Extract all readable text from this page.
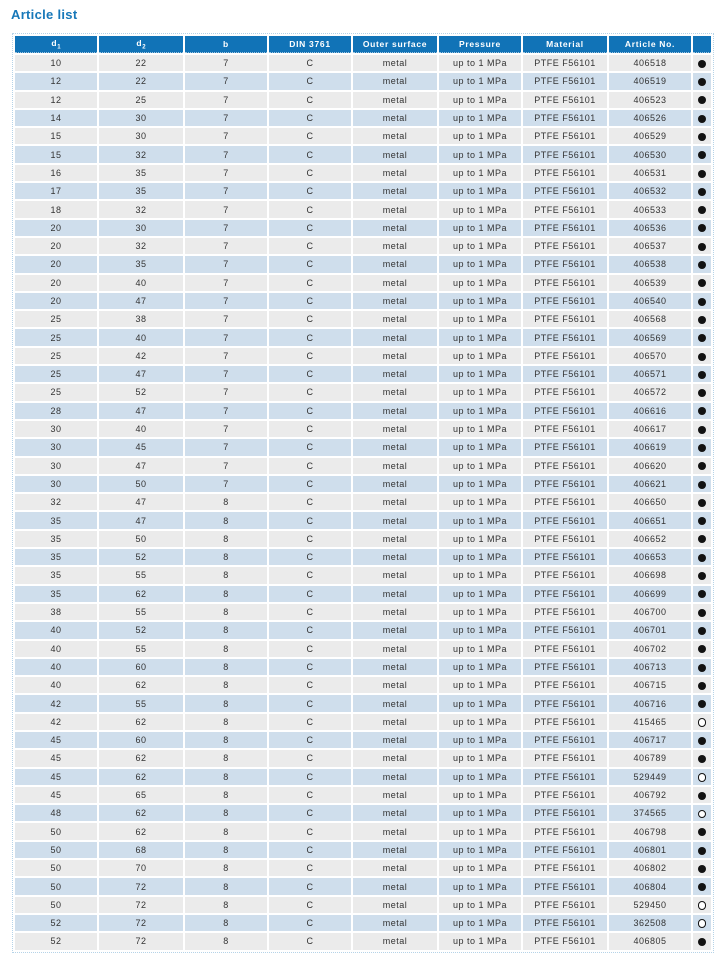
Article list
$d_1$	$d_2$	b	DIN 3761	Outer surface	Pressure	Material	Article No.	
10	22	7	C	metal	up to 1 MPa	PTFE F56101	406518	
12	22	7	C	metal	up to 1 MPa	PTFE F56101	406519	
12	25	7	C	metal	up to 1 MPa	PTFE F56101	406523	
14	30	7	C	metal	up to 1 MPa	PTFE F56101	406526	
15	30	7	C	metal	up to 1 MPa	PTFE F56101	406529	
15	32	7	C	metal	up to 1 MPa	PTFE F56101	406530	
16	35	7	C	metal	up to 1 MPa	PTFE F56101	406531	
17	35	7	C	metal	up to 1 MPa	PTFE F56101	406532	
18	32	7	C	metal	up to 1 MPa	PTFE F56101	406533	
20	30	7	C	metal	up to 1 MPa	PTFE F56101	406536	
20	32	7	C	metal	up to 1 MPa	PTFE F56101	406537	
20	35	7	C	metal	up to 1 MPa	PTFE F56101	406538	
20	40	7	C	metal	up to 1 MPa	PTFE F56101	406539	
20	47	7	C	metal	up to 1 MPa	PTFE F56101	406540	
25	38	7	C	metal	up to 1 MPa	PTFE F56101	406568	
25	40	7	C	metal	up to 1 MPa	PTFE F56101	406569	
25	42	7	C	metal	up to 1 MPa	PTFE F56101	406570	
25	47	7	C	metal	up to 1 MPa	PTFE F56101	406571	
25	52	7	C	metal	up to 1 MPa	PTFE F56101	406572	
28	47	7	C	metal	up to 1 MPa	PTFE F56101	406616	
30	40	7	C	metal	up to 1 MPa	PTFE F56101	406617	
30	45	7	C	metal	up to 1 MPa	PTFE F56101	406619	
30	47	7	C	metal	up to 1 MPa	PTFE F56101	406620	
30	50	7	C	metal	up to 1 MPa	PTFE F56101	406621	
32	47	8	C	metal	up to 1 MPa	PTFE F56101	406650	
35	47	8	C	metal	up to 1 MPa	PTFE F56101	406651	
35	50	8	C	metal	up to 1 MPa	PTFE F56101	406652	
35	52	8	C	metal	up to 1 MPa	PTFE F56101	406653	
35	55	8	C	metal	up to 1 MPa	PTFE F56101	406698	
35	62	8	C	metal	up to 1 MPa	PTFE F56101	406699	
38	55	8	C	metal	up to 1 MPa	PTFE F56101	406700	
40	52	8	C	metal	up to 1 MPa	PTFE F56101	406701	
40	55	8	C	metal	up to 1 MPa	PTFE F56101	406702	
40	60	8	C	metal	up to 1 MPa	PTFE F56101	406713	
40	62	8	C	metal	up to 1 MPa	PTFE F56101	406715	
42	55	8	C	metal	up to 1 MPa	PTFE F56101	406716	
42	62	8	C	metal	up to 1 MPa	PTFE F56101	415465	
45	60	8	C	metal	up to 1 MPa	PTFE F56101	406717	
45	62	8	C	metal	up to 1 MPa	PTFE F56101	406789	
45	62	8	C	metal	up to 1 MPa	PTFE F56101	529449	
45	65	8	C	metal	up to 1 MPa	PTFE F56101	406792	
48	62	8	C	metal	up to 1 MPa	PTFE F56101	374565	
50	62	8	C	metal	up to 1 MPa	PTFE F56101	406798	
50	68	8	C	metal	up to 1 MPa	PTFE F56101	406801	
50	70	8	C	metal	up to 1 MPa	PTFE F56101	406802	
50	72	8	C	metal	up to 1 MPa	PTFE F56101	406804	
50	72	8	C	metal	up to 1 MPa	PTFE F56101	529450	
52	72	8	C	metal	up to 1 MPa	PTFE F56101	362508	
52	72	8	C	metal	up to 1 MPa	PTFE F56101	406805	
